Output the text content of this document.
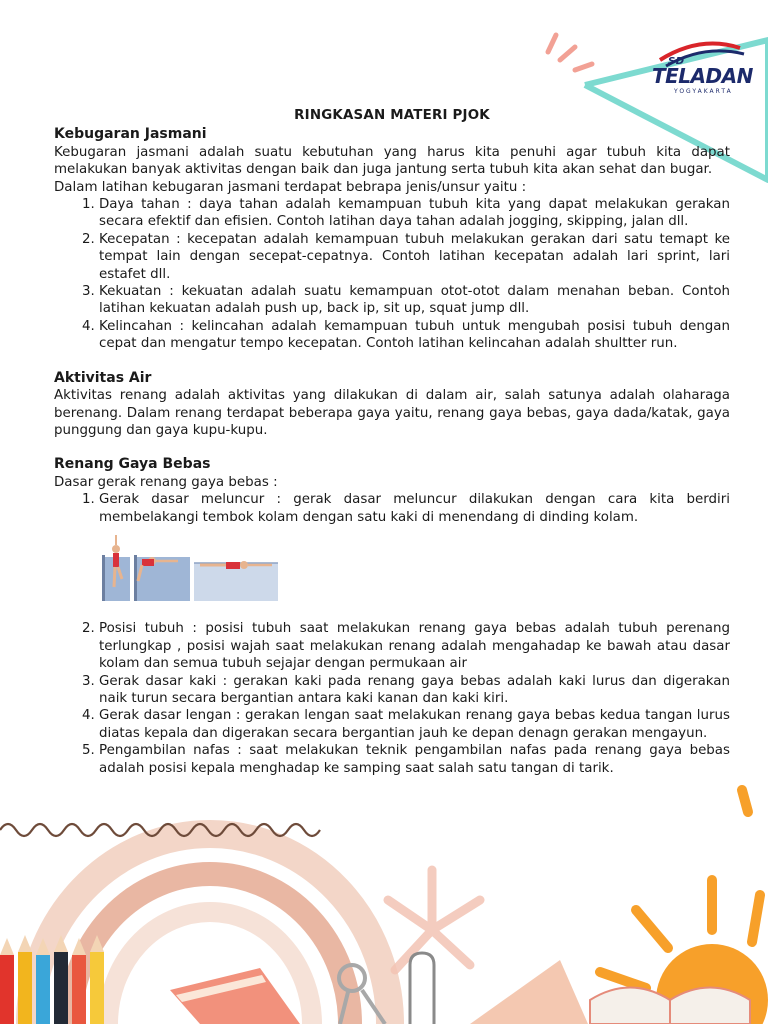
SD
TELADAN
YOGYAKARTA
RINGKASAN MATERI PJOK
Kebugaran Jasmani

Kebugaran jasmani adalah suatu kebutuhan yang harus kita penuhi agar tubuh kita dapat melakukan banyak aktivitas dengan baik dan juga jantung serta tubuh kita akan sehat dan bugar.

Dalam latihan kebugaran jasmani terdapat bebrapa jenis/unsur yaitu :

1. Daya tahan : daya tahan adalah kemampuan tubuh kita yang dapat melakukan gerakan secara efektif dan efisien. Contoh latihan daya tahan adalah jogging, skipping, jalan dll.
2. Kecepatan : kecepatan adalah kemampuan tubuh melakukan gerakan dari satu temapt ke tempat lain dengan secepat-cepatnya. Contoh latihan kecepatan adalah lari sprint, lari estafet dll.
3. Kekuatan : kekuatan adalah suatu kemampuan otot-otot dalam menahan beban. Contoh latihan kekuatan adalah push up, back ip, sit up, squat jump dll.
4. Kelincahan : kelincahan adalah kemampuan tubuh untuk mengubah posisi tubuh dengan cepat dan mengatur tempo kecepatan. Contoh latihan kelincahan adalah shultter run.
Aktivitas Air

Aktivitas renang adalah aktivitas yang dilakukan di dalam air, salah satunya adalah olaharaga berenang. Dalam renang terdapat beberapa gaya yaitu, renang gaya bebas, gaya dada/katak, gaya punggung dan gaya kupu-kupu.

Renang Gaya Bebas

Dasar gerak renang gaya bebas :

1. Gerak dasar meluncur : gerak dasar meluncur dilakukan dengan cara kita berdiri membelakangi tembok kolam dengan satu kaki di menendang di dinding kolam.
2. Posisi tubuh : posisi tubuh saat melakukan renang gaya bebas adalah tubuh perenang terlungkap , posisi wajah saat melakukan renang adalah mengahadap ke bawah atau dasar kolam dan semua tubuh sejajar dengan permukaan air
3. Gerak dasar kaki : gerakan kaki pada renang gaya bebas adalah kaki lurus dan digerakan naik turun secara bergantian antara kaki kanan dan kaki kiri.
4. Gerak dasar lengan : gerakan lengan saat melakukan renang gaya bebas kedua tangan lurus diatas kepala dan digerakan secara bergantian jauh ke depan denagn gerakan mengayun.
5. Pengambilan nafas : saat melakukan teknik pengambilan nafas pada renang gaya bebas adalah posisi kepala menghadap ke samping saat salah satu tangan di tarik.
